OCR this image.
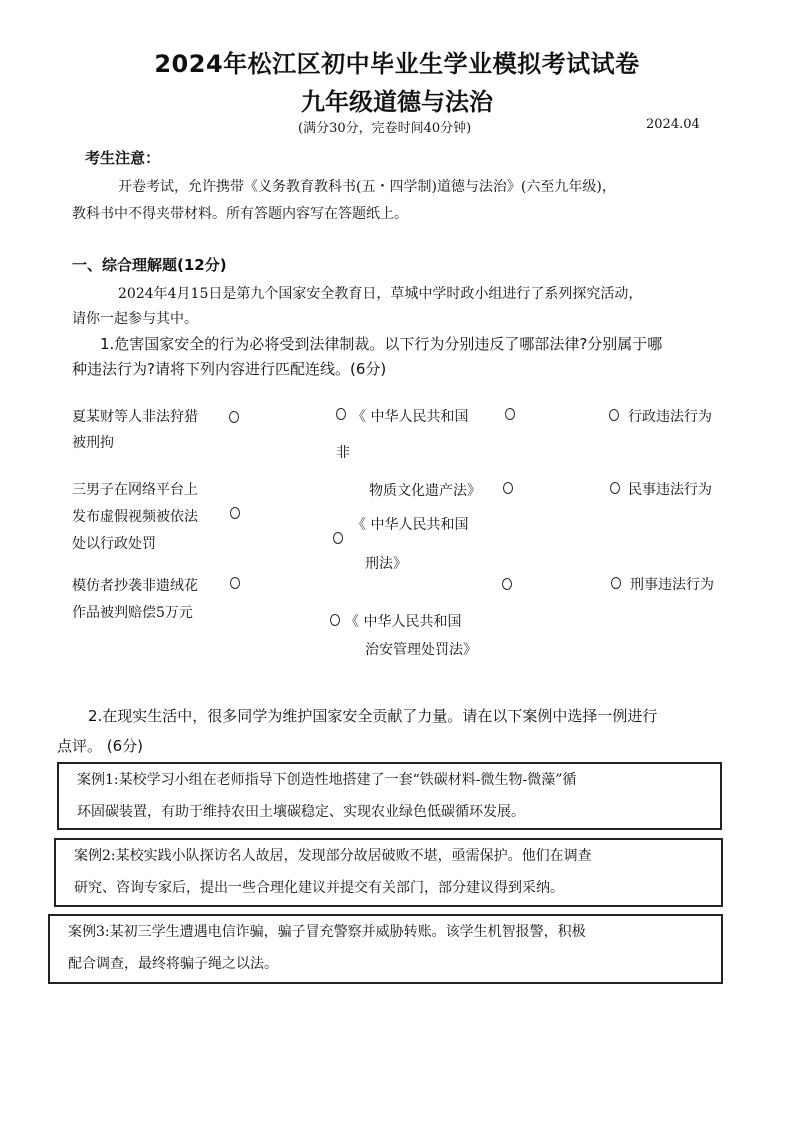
2024年松江区初中毕业生学业模拟考试试卷
九年级道德与法治
(满分30分，完卷时间40分钟)	2024.04
考生注意：
开卷考试，允许携带《义务教育教科书(五・四学制)道德与法治》(六至九年级)，
教科书中不得夹带材料。所有答题内容写在答题纸上。
一、综合理解题(12分)
2024年4月15日是第九个国家安全教育日，草城中学时政小组进行了系列探究活动，
请你一起参与其中。
1.危害国家安全的行为必将受到法律制裁。以下行为分别违反了哪部法律?分别属于哪
种违法行为?请将下列内容进行匹配连线。(6分)
夏某财等人非法狩猎
被刑拘
三男子在网络平台上
发布虚假视频被依法
处以行政处罚
模仿者抄袭非遗绒花
作品被判赔偿5万元
《 中华人民共和国
非
物质文化遗产法》
《 中华人民共和国
刑法》
《 中华人民共和国
治安管理处罚法》
行政违法行为
民事违法行为
刑事违法行为
2.在现实生活中，很多同学为维护国家安全贡献了力量。请在以下案例中选择一例进行
点评。 (6分)
案例1:某校学习小组在老师指导下创造性地搭建了一套“铁碳材料-微生物-微藻”循
环固碳装置，有助于维持农田土壤碳稳定、实现农业绿色低碳循环发展。
案例2:某校实践小队探访名人故居，发现部分故居破败不堪，亟需保护。他们在调查
研究、咨询专家后，提出一些合理化建议并提交有关部门，部分建议得到采纳。
案例3:某初三学生遭遇电信诈骗，骗子冒充警察并威胁转账。该学生机智报警，积极
配合调查，最终将骗子绳之以法。
